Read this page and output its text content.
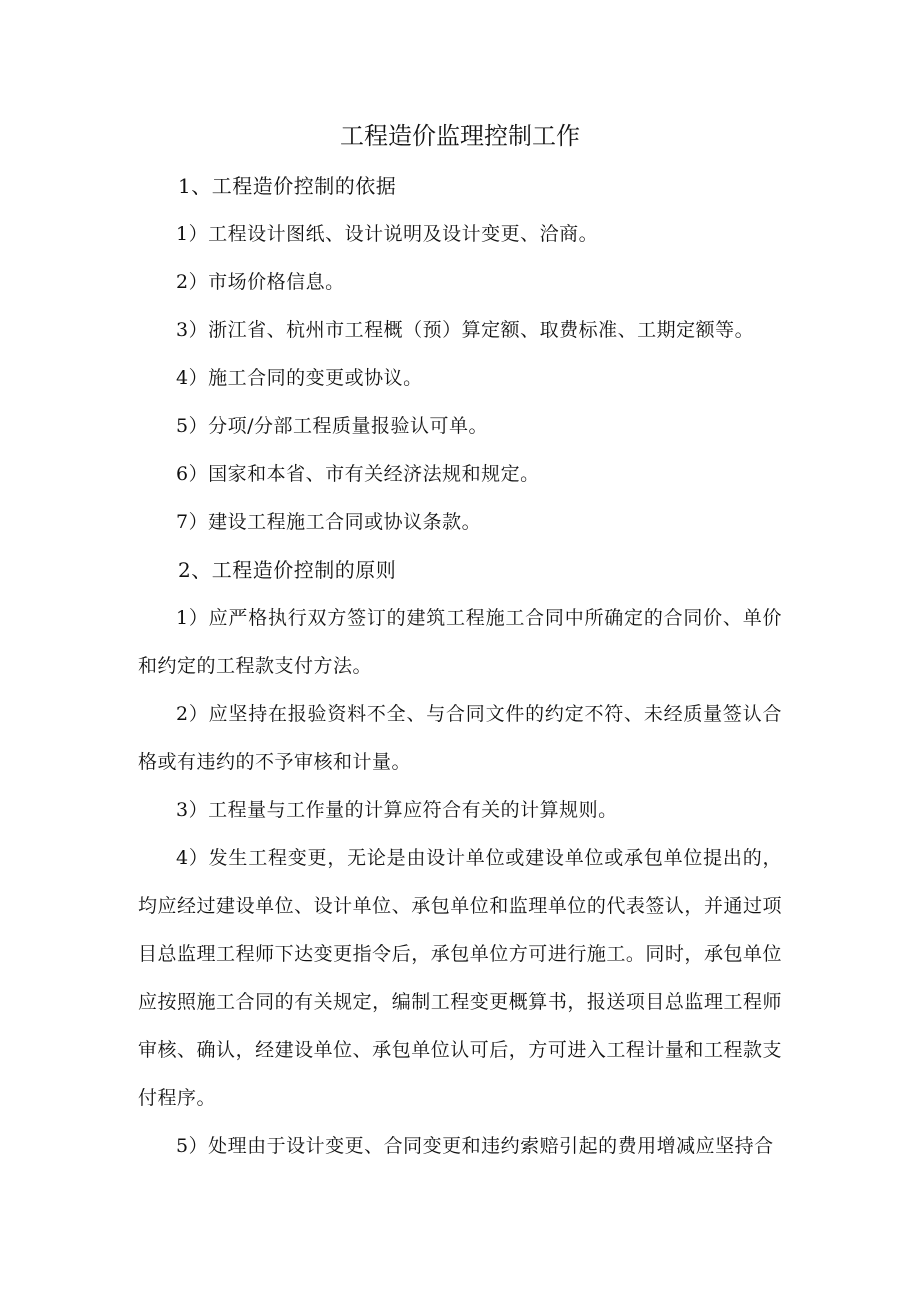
工程造价监理控制工作

1、工程造价控制的依据

1）工程设计图纸、设计说明及设计变更、洽商。

2）市场价格信息。

3）浙江省、杭州市工程概（预）算定额、取费标准、工期定额等。

4）施工合同的变更或协议。

5）分项/分部工程质量报验认可单。

6）国家和本省、市有关经济法规和规定。

7）建设工程施工合同或协议条款。

2、工程造价控制的原则

1）应严格执行双方签订的建筑工程施工合同中所确定的合同价、单价和约定的工程款支付方法。

2）应坚持在报验资料不全、与合同文件的约定不符、未经质量签认合格或有违约的不予审核和计量。

3）工程量与工作量的计算应符合有关的计算规则。

4）发生工程变更，无论是由设计单位或建设单位或承包单位提出的，均应经过建设单位、设计单位、承包单位和监理单位的代表签认，并通过项目总监理工程师下达变更指令后，承包单位方可进行施工。同时，承包单位应按照施工合同的有关规定，编制工程变更概算书，报送项目总监理工程师审核、确认，经建设单位、承包单位认可后，方可进入工程计量和工程款支付程序。

5）处理由于设计变更、合同变更和违约索赔引起的费用增减应坚持合
